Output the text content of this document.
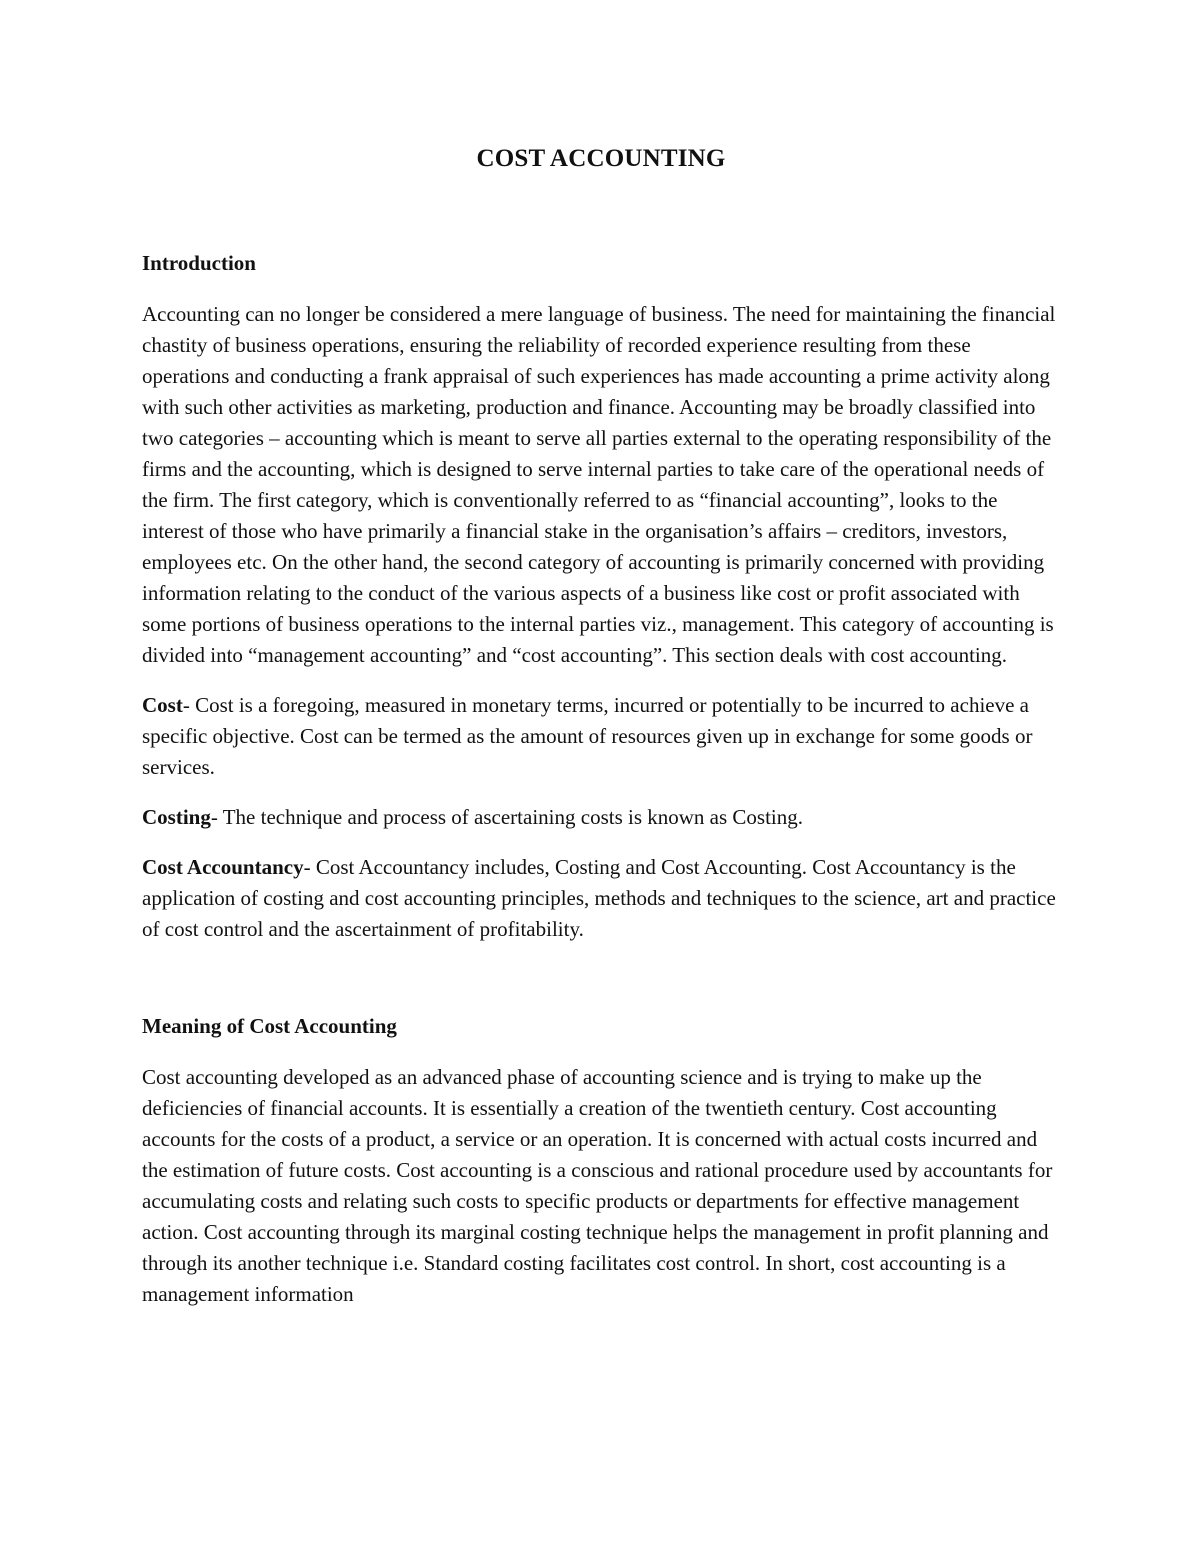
COST ACCOUNTING
Introduction

Accounting can no longer be considered a mere language of business. The need for maintaining the financial chastity of business operations, ensuring the reliability of recorded experience resulting from these operations and conducting a frank appraisal of such experiences has made accounting a prime activity along with such other activities as marketing, production and finance. Accounting may be broadly classified into two categories – accounting which is meant to serve all parties external to the operating responsibility of the firms and the accounting, which is designed to serve internal parties to take care of the operational needs of the firm. The first category, which is conventionally referred to as “financial accounting”, looks to the interest of those who have primarily a financial stake in the organisation’s affairs – creditors, investors, employees etc. On the other hand, the second category of accounting is primarily concerned with providing information relating to the conduct of the various aspects of a business like cost or profit associated with some portions of business operations to the internal parties viz., management. This category of accounting is divided into “management accounting” and “cost accounting”. This section deals with cost accounting.

Cost- Cost is a foregoing, measured in monetary terms, incurred or potentially to be incurred to achieve a specific objective. Cost can be termed as the amount of resources given up in exchange for some goods or services.

Costing- The technique and process of ascertaining costs is known as Costing.

Cost Accountancy- Cost Accountancy includes, Costing and Cost Accounting. Cost Accountancy is the application of costing and cost accounting principles, methods and techniques to the science, art and practice of cost control and the ascertainment of profitability.

Meaning of Cost Accounting

Cost accounting developed as an advanced phase of accounting science and is trying to make up the deficiencies of financial accounts. It is essentially a creation of the twentieth century. Cost accounting accounts for the costs of a product, a service or an operation. It is concerned with actual costs incurred and the estimation of future costs. Cost accounting is a conscious and rational procedure used by accountants for accumulating costs and relating such costs to specific products or departments for effective management action. Cost accounting through its marginal costing technique helps the management in profit planning and through its another technique i.e. Standard costing facilitates cost control. In short, cost accounting is a management information
